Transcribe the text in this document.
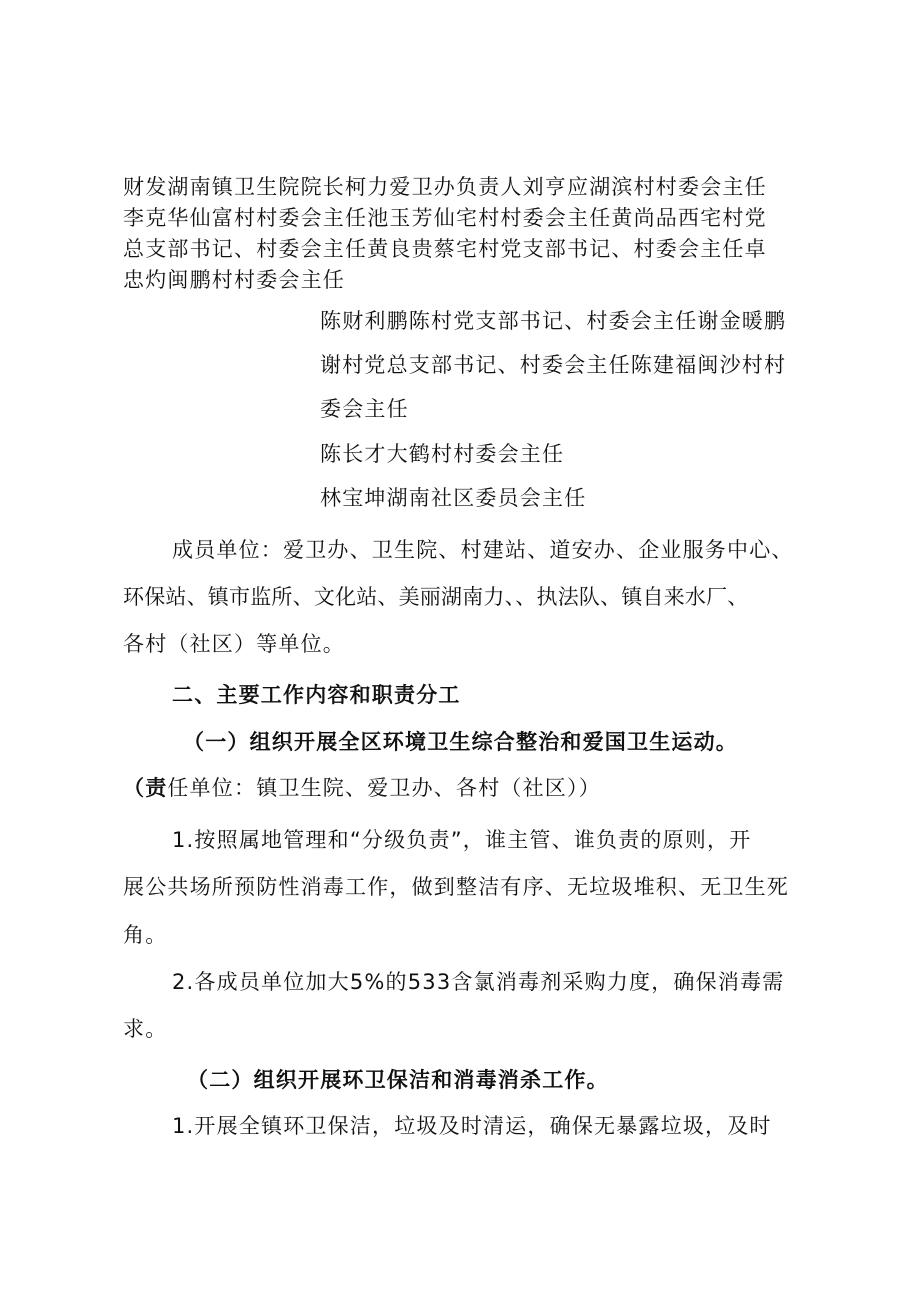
财发湖南镇卫生院院长柯力爱卫办负责人刘亨应湖滨村村委会主任
李克华仙富村村委会主任池玉芳仙宅村村委会主任黄尚品西宅村党
总支部书记、村委会主任黄良贵蔡宅村党支部书记、村委会主任卓
忠灼闽鹏村村委会主任
陈财利鹏陈村党支部书记、村委会主任谢金暖鹏
谢村党总支部书记、村委会主任陈建福闽沙村村
委会主任
陈长才大鹤村村委会主任
林宝坤湖南社区委员会主任
成员单位：爱卫办、卫生院、村建站、道安办、企业服务中心、
环保站、镇市监所、文化站、美丽湖南力、、执法队、镇自来水厂、
各村（社区）等单位。
二、主要工作内容和职责分工
（一）组织开展全区环境卫生综合整治和爱国卫生运动。
（责任单位：镇卫生院、爱卫办、各村（社区））
1.按照属地管理和“分级负责”，谁主管、谁负责的原则，开
展公共场所预防性消毒工作，做到整洁有序、无垃圾堆积、无卫生死
角。
2.各成员单位加大5%的533含氯消毒剂采购力度，确保消毒需
求。
（二）组织开展环卫保洁和消毒消杀工作。
1.开展全镇环卫保洁，垃圾及时清运，确保无暴露垃圾，及时
